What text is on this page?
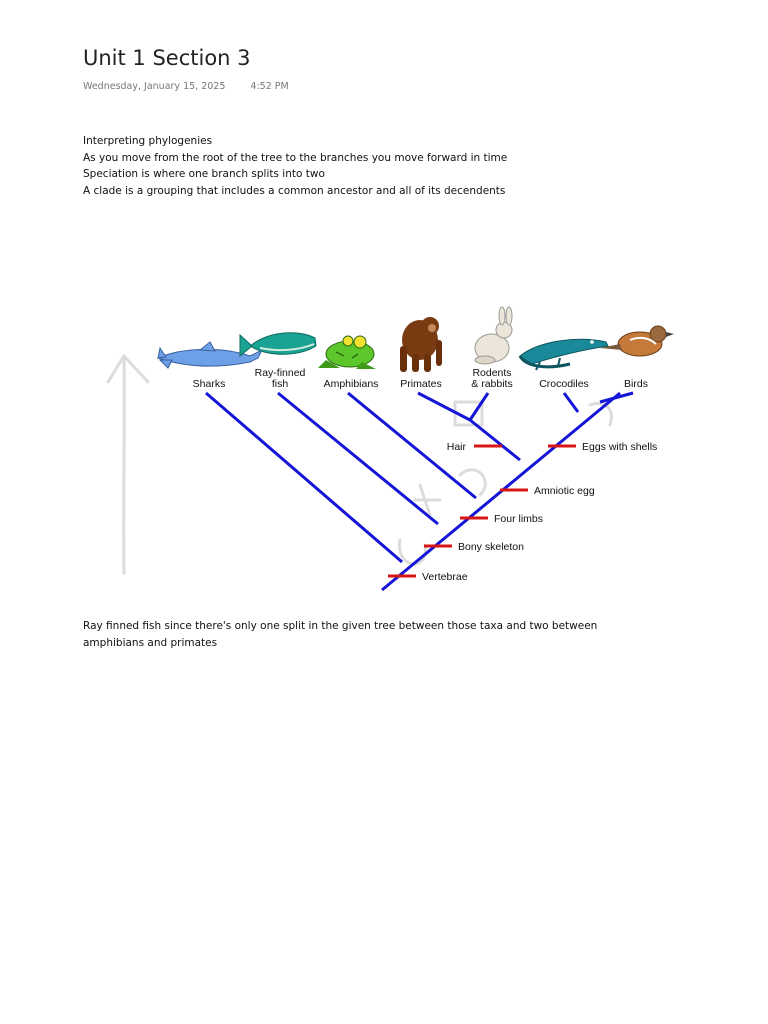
Unit 1 Section 3
Wednesday, January 15, 2025	4:52 PM

Interpreting phylogenies

As you move from the root of the tree to the branches you move forward in time

Speciation is where one branch splits into two

A clade is a grouping that includes a common ancestor and all of its decendents

Vertebrae
Bony skeleton
Four limbs
Amniotic egg
Hair	Eggs with shells
Sharks
Ray-finned
fish	Amphibians Primates
Rodents
& rabbits	Crocodiles	Birds

Ray finned fish since there's only one split in the given tree between those taxa and two between amphibians and primates
